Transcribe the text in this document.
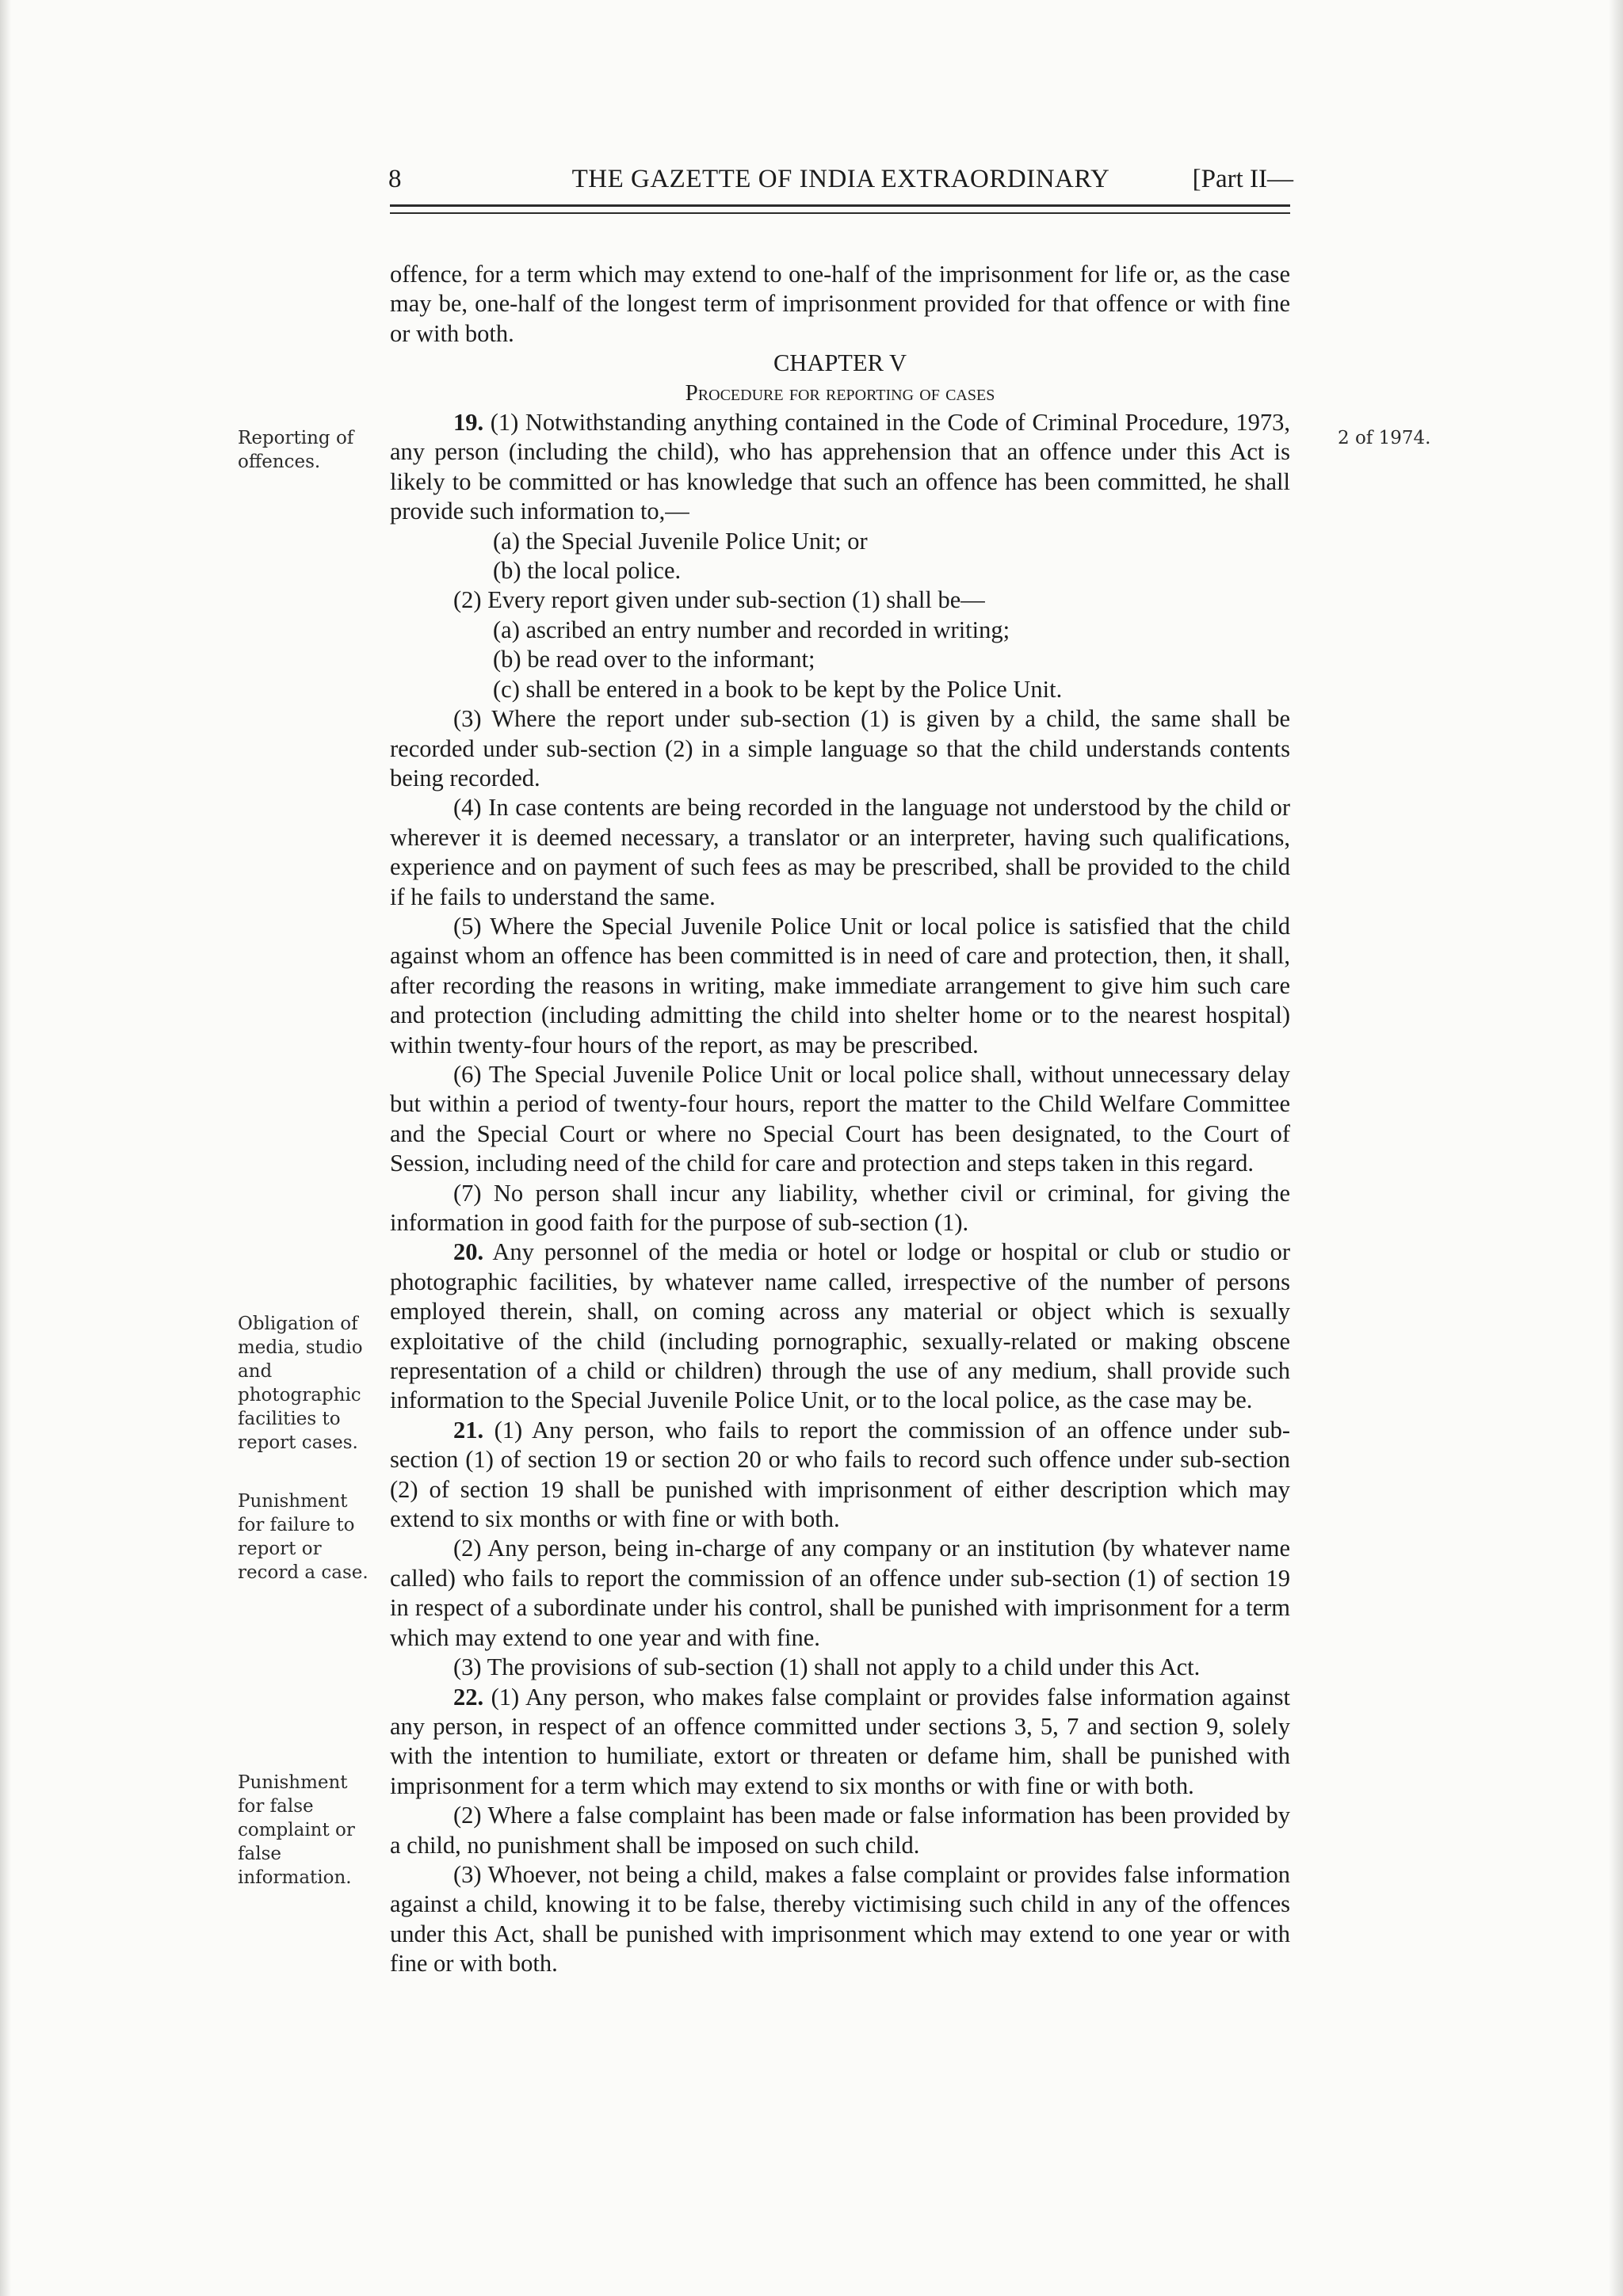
8	THE GAZETTE OF INDIA EXTRAORDINARY	[Part II—
Reporting of offences.
2 of 1974.
Obligation of media, studio and photographic facilities to report cases.
Punishment for failure to report or record a case.
Punishment for false complaint or false information.

offence, for a term which may extend to one-half of the imprisonment for life or, as the case may be, one-half of the longest term of imprisonment provided for that offence or with fine or with both.

CHAPTER V

Procedure for reporting of cases

19. (1) Notwithstanding anything contained in the Code of Criminal Procedure, 1973, any person (including the child), who has apprehension that an offence under this Act is likely to be committed or has knowledge that such an offence has been committed, he shall provide such information to,—

(a) the Special Juvenile Police Unit; or

(b) the local police.

(2) Every report given under sub-section (1) shall be—

(a) ascribed an entry number and recorded in writing;

(b) be read over to the informant;

(c) shall be entered in a book to be kept by the Police Unit.

(3) Where the report under sub-section (1) is given by a child, the same shall be recorded under sub-section (2) in a simple language so that the child understands contents being recorded.

(4) In case contents are being recorded in the language not understood by the child or wherever it is deemed necessary, a translator or an interpreter, having such qualifications, experience and on payment of such fees as may be prescribed, shall be provided to the child if he fails to understand the same.

(5) Where the Special Juvenile Police Unit or local police is satisfied that the child against whom an offence has been committed is in need of care and protection, then, it shall, after recording the reasons in writing, make immediate arrangement to give him such care and protection (including admitting the child into shelter home or to the nearest hospital) within twenty-four hours of the report, as may be prescribed.

(6) The Special Juvenile Police Unit or local police shall, without unnecessary delay but within a period of twenty-four hours, report the matter to the Child Welfare Committee and the Special Court or where no Special Court has been designated, to the Court of Session, including need of the child for care and protection and steps taken in this regard.

(7) No person shall incur any liability, whether civil or criminal, for giving the information in good faith for the purpose of sub-section (1).

20. Any personnel of the media or hotel or lodge or hospital or club or studio or photographic facilities, by whatever name called, irrespective of the number of persons employed therein, shall, on coming across any material or object which is sexually exploitative of the child (including pornographic, sexually-related or making obscene representation of a child or children) through the use of any medium, shall provide such information to the Special Juvenile Police Unit, or to the local police, as the case may be.

21. (1) Any person, who fails to report the commission of an offence under sub-section (1) of section 19 or section 20 or who fails to record such offence under sub-section (2) of section 19 shall be punished with imprisonment of either description which may extend to six months or with fine or with both.

(2) Any person, being in-charge of any company or an institution (by whatever name called) who fails to report the commission of an offence under sub-section (1) of section 19 in respect of a subordinate under his control, shall be punished with imprisonment for a term which may extend to one year and with fine.

(3) The provisions of sub-section (1) shall not apply to a child under this Act.

22. (1) Any person, who makes false complaint or provides false information against any person, in respect of an offence committed under sections 3, 5, 7 and section 9, solely with the intention to humiliate, extort or threaten or defame him, shall be punished with imprisonment for a term which may extend to six months or with fine or with both.

(2) Where a false complaint has been made or false information has been provided by a child, no punishment shall be imposed on such child.

(3) Whoever, not being a child, makes a false complaint or provides false information against a child, knowing it to be false, thereby victimising such child in any of the offences under this Act, shall be punished with imprisonment which may extend to one year or with fine or with both.
